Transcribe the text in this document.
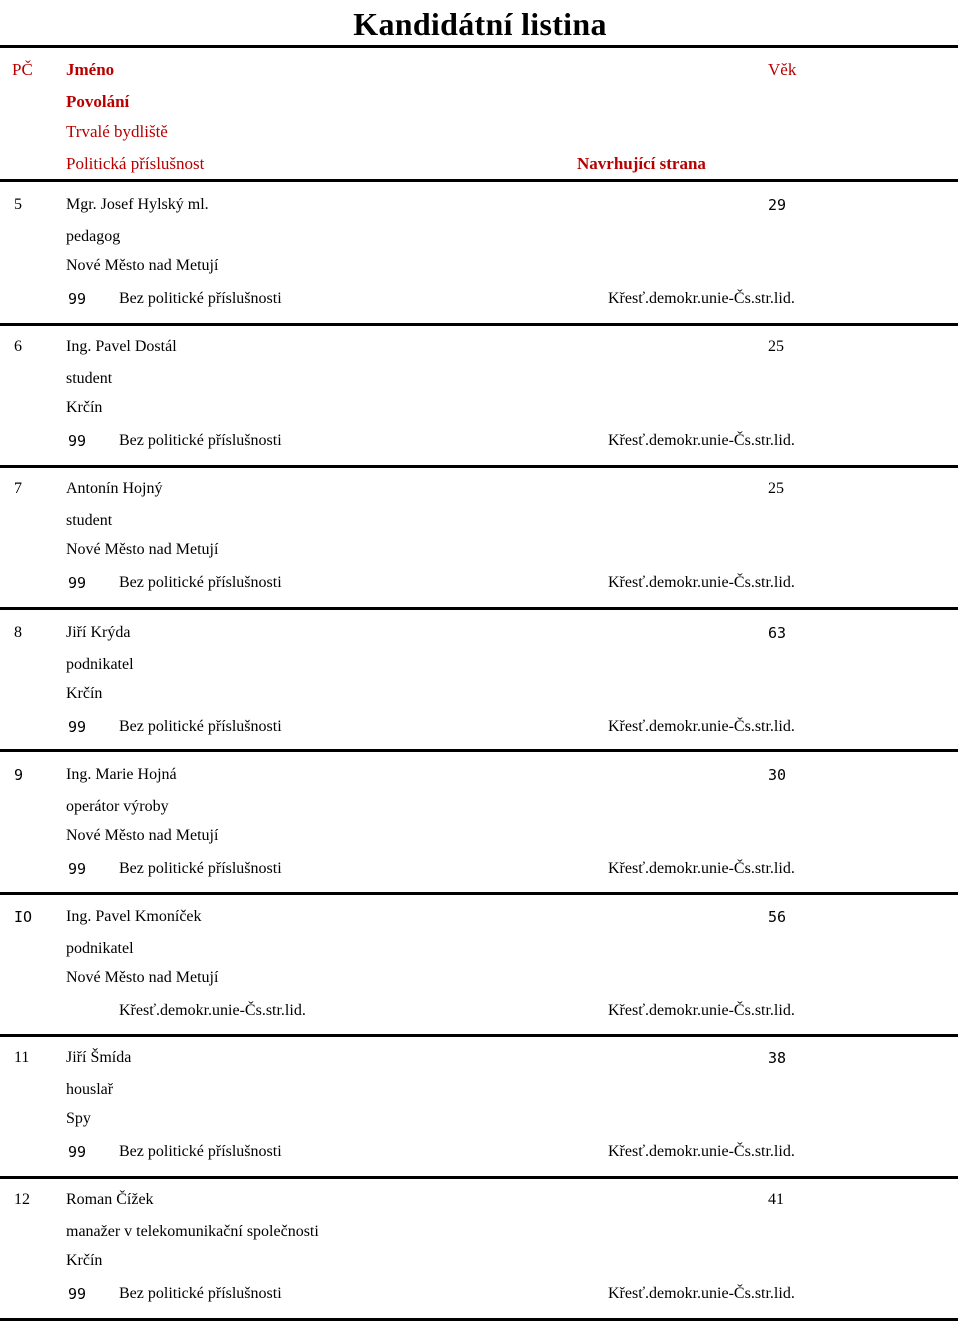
Kandidátní listina
PČ Jméno	Věk
Povolání
Trvalé bydliště
Politická příslušnost	Navrhující strana
5	Mgr. Josef Hylský ml.	29
pedagog
Nové Město nad Metují
99 Bez politické příslušnosti	Křesť.demokr.unie-Čs.str.lid.
6	Ing. Pavel Dostál	25
student
Krčín
99 Bez politické příslušnosti	Křesť.demokr.unie-Čs.str.lid.
7	Antonín Hojný	25
student
Nové Město nad Metují
99 Bez politické příslušnosti	Křesť.demokr.unie-Čs.str.lid.
8	Jiří Krýda	63
podnikatel
Krčín
99 Bez politické příslušnosti	Křesť.demokr.unie-Čs.str.lid.
9	Ing. Marie Hojná	30
operátor výroby
Nové Město nad Metují
99 Bez politické příslušnosti	Křesť.demokr.unie-Čs.str.lid.
IO Ing. Pavel Kmoníček	56
podnikatel
Nové Město nad Metují
Křesť.demokr.unie-Čs.str.lid.	Křesť.demokr.unie-Čs.str.lid.
11 Jiří Šmída	38
houslař
Spy
99 Bez politické příslušnosti	Křesť.demokr.unie-Čs.str.lid.
12 Roman Čížek	41
manažer v telekomunikační společnosti
Krčín
99 Bez politické příslušnosti	Křesť.demokr.unie-Čs.str.lid.
